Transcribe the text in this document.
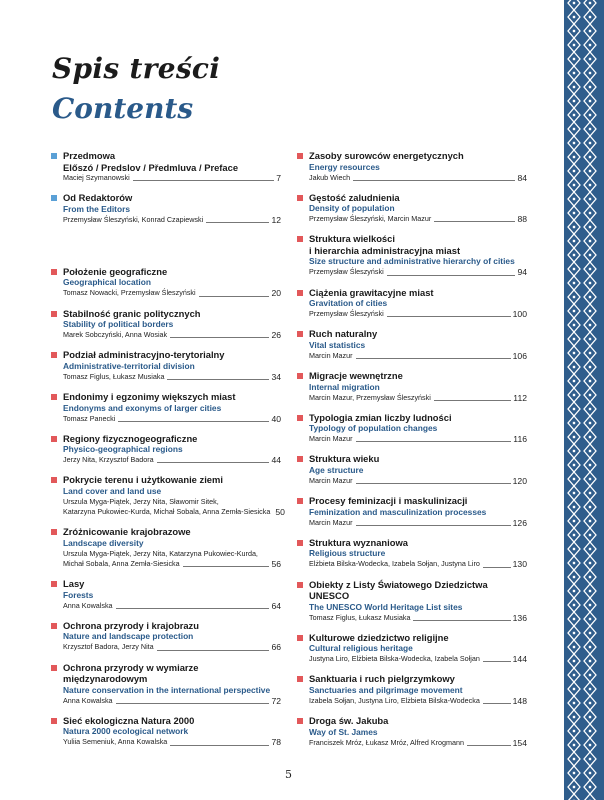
Spis treści
Contents
Przedmowa
Előszó / Predslov / Předmluva / Preface
Maciej Szymanowski	7
Od Redaktorów
From the Editors
Przemysław Śleszyński, Konrad Czapiewski	12
Położenie geograficzne
Geographical location
Tomasz Nowacki, Przemysław Śleszyński	20
Stabilność granic politycznych
Stability of political borders
Marek Sobczyński, Anna Wosiak	26
Podział administracyjno-terytorialny
Administrative-territorial division
Tomasz Figlus, Łukasz Musiaka	34
Endonimy i egzonimy większych miast
Endonyms and exonyms of larger cities
Tomasz Panecki	40
Regiony fizycznogeograficzne
Physico-geographical regions
Jerzy Nita, Krzysztof Badora	44
Pokrycie terenu i użytkowanie ziemi
Land cover and land use
Urszula Myga-Piątek, Jerzy Nita, Sławomir Sitek,
Katarzyna Pukowiec-Kurda, Michał Sobala, Anna Zemła-Siesicka 50
Zróżnicowanie krajobrazowe
Landscape diversity
Urszula Myga-Piątek, Jerzy Nita, Katarzyna Pukowiec-Kurda,
Michał Sobala, Anna Zemła-Siesicka	56
Lasy
Forests
Anna Kowalska	64
Ochrona przyrody i krajobrazu
Nature and landscape protection
Krzysztof Badora, Jerzy Nita	66
Ochrona przyrody w wymiarze międzynarodowym
Nature conservation in the international perspective
Anna Kowalska	72
Sieć ekologiczna Natura 2000
Natura 2000 ecological network
Yuliia Semeniuk, Anna Kowalska	78
Zasoby surowców energetycznych
Energy resources
Jakub Wiech	84
Gęstość zaludnienia
Density of population
Przemysław Śleszyński, Marcin Mazur	88
Struktura wielkości
i hierarchia administracyjna miast
Size structure and administrative hierarchy of cities
Przemysław Śleszyński	94
Ciążenia grawitacyjne miast
Gravitation of cities
Przemysław Śleszyński	100
Ruch naturalny
Vital statistics
Marcin Mazur	106
Migracje wewnętrzne
Internal migration
Marcin Mazur, Przemysław Śleszyński	112
Typologia zmian liczby ludności
Typology of population changes
Marcin Mazur	116
Struktura wieku
Age structure
Marcin Mazur	120
Procesy feminizacji i maskulinizacji
Feminization and masculinization processes
Marcin Mazur	126
Struktura wyznaniowa
Religious structure
Elżbieta Bilska-Wodecka, Izabela Sołjan, Justyna Liro	130
Obiekty z Listy Światowego Dziedzictwa UNESCO
The UNESCO World Heritage List sites
Tomasz Figlus, Łukasz Musiaka	136
Kulturowe dziedzictwo religijne
Cultural religious heritage
Justyna Liro, Elżbieta Bilska-Wodecka, Izabela Sołjan	144
Sanktuaria i ruch pielgrzymkowy
Sanctuaries and pilgrimage movement
Izabela Sołjan, Justyna Liro, Elżbieta Bilska-Wodecka	148
Droga św. Jakuba
Way of St. James
Franciszek Mróz, Łukasz Mróz, Alfred Krogmann	154
5
